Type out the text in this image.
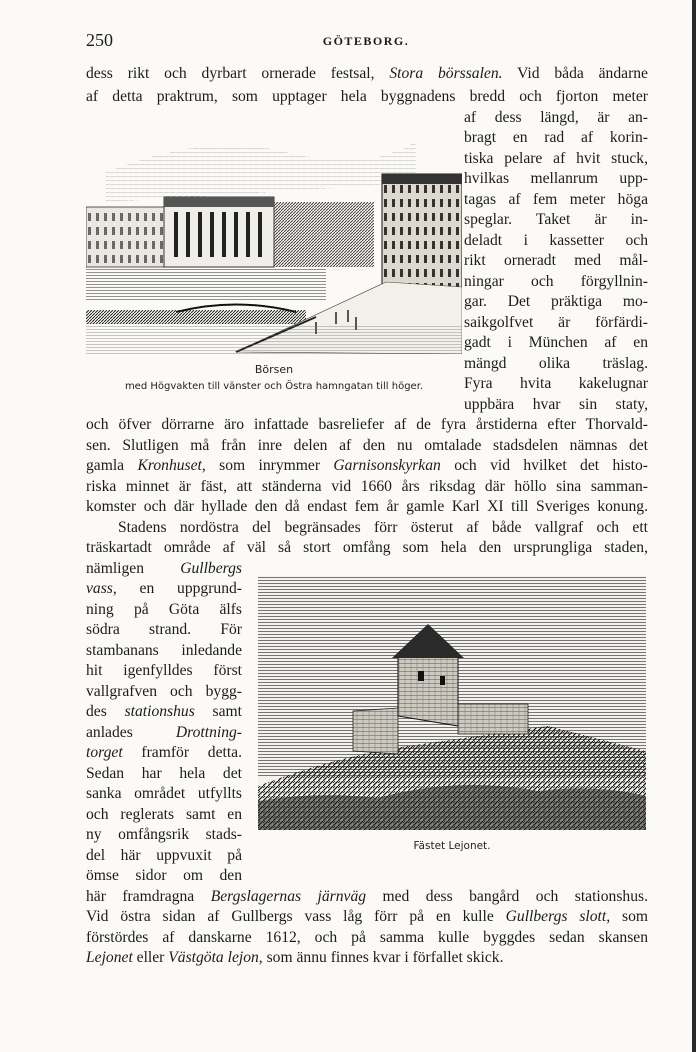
250	GÖTEBORG.
dess rikt och dyrbart ornerade festsal, Stora börssalen. Vid båda ändarne
af detta praktrum, som upptager hela byggnadens bredd och fjorton meter
Börsen
med Högvakten till vänster och Östra hamngatan till höger.
af dess längd, är an-
bragt en rad af korin-
tiska pelare af hvit stuck,
hvilkas mellanrum upp-
tagas af fem meter höga
speglar. Taket är in-
deladt i kassetter och
rikt orneradt med mål-
ningar och förgyllnin-
gar. Det präktiga mo-
saikgolfvet är förfärdi-
gadt i München af en
mängd olika träslag.
Fyra hvita kakelugnar
uppbära hvar sin staty,
och öfver dörrarne äro infattade basreliefer af de fyra årstiderna efter Thorvald-
sen. Slutligen må från inre delen af den nu omtalade stadsdelen nämnas det
gamla Kronhuset, som inrymmer Garnisonskyrkan och vid hvilket det histo-
riska minnet är fäst, att ständerna vid 1660 års riksdag där höllo sina samman-
komster och där hyllade den då endast fem år gamle Karl XI till Sveriges konung.
Stadens nordöstra del begränsades förr österut af både vallgraf och ett
träskartadt område af väl så stort omfång som hela den ursprungliga staden,
Fästet Lejonet.
nämligen Gullbergs
vass, en uppgrund-
ning på Göta älfs
södra strand. För
stambanans inledande
hit igenfylldes först
vallgrafven och bygg-
des stationshus samt
anlades Drottning-
torget framför detta.
Sedan har hela det
sanka området utfyllts
och reglerats samt en
ny omfångsrik stads-
del här uppvuxit på
ömse sidor om den
här framdragna Bergslagernas järnväg med dess bangård och stationshus.
Vid östra sidan af Gullbergs vass låg förr på en kulle Gullbergs slott, som
förstördes af danskarne 1612, och på samma kulle byggdes sedan skansen
Lejonet eller Västgöta lejon, som ännu finnes kvar i förfallet skick.
